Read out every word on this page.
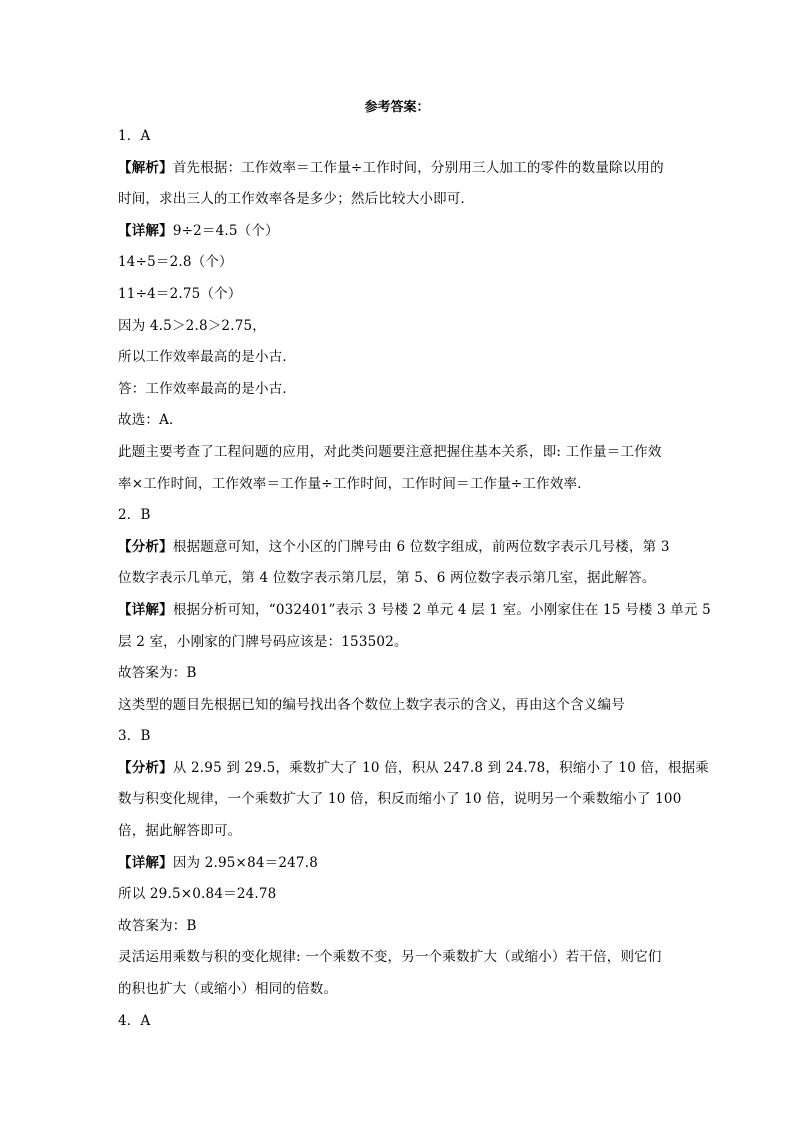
参考答案：
1．A
【解析】首先根据：工作效率＝工作量÷工作时间，分别用三人加工的零件的数量除以用的
时间，求出三人的工作效率各是多少；然后比较大小即可．
【详解】9÷2＝4.5（个）
14÷5＝2.8（个）
11÷4＝2.75（个）
因为 4.5＞2.8＞2.75，
所以工作效率最高的是小古．
答：工作效率最高的是小古．
故选：A．
此题主要考查了工程问题的应用，对此类问题要注意把握住基本关系，即: 工作量＝工作效
率×工作时间，工作效率＝工作量÷工作时间，工作时间＝工作量÷工作效率．
2．B
【分析】根据题意可知，这个小区的门牌号由 6 位数字组成，前两位数字表示几号楼，第 3
位数字表示几单元，第 4 位数字表示第几层，第 5、6 两位数字表示第几室，据此解答。
【详解】根据分析可知，“032401”表示 3 号楼 2 单元 4 层 1 室。小刚家住在 15 号楼 3 单元 5
层 2 室，小刚家的门牌号码应该是：153502。
故答案为：B
这类型的题目先根据已知的编号找出各个数位上数字表示的含义，再由这个含义编号
3．B
【分析】从 2.95 到 29.5，乘数扩大了 10 倍，积从 247.8 到 24.78，积缩小了 10 倍，根据乘
数与积变化规律，一个乘数扩大了 10 倍，积反而缩小了 10 倍，说明另一个乘数缩小了 100
倍，据此解答即可。
【详解】因为 2.95×84＝247.8
所以 29.5×0.84＝24.78
故答案为：B
灵活运用乘数与积的变化规律: 一个乘数不变，另一个乘数扩大（或缩小）若干倍，则它们
的积也扩大（或缩小）相同的倍数。
4．A
